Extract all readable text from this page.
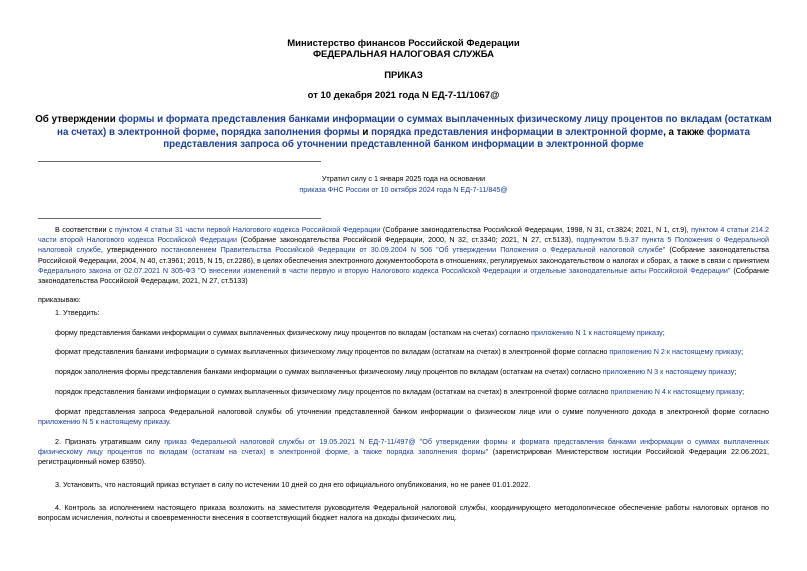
Министерство финансов Российской Федерации
ФЕДЕРАЛЬНАЯ НАЛОГОВАЯ СЛУЖБА
ПРИКАЗ
от 10 декабря 2021 года N ЕД-7-11/1067@
Об утверждении формы и формата представления банками информации о суммах выплаченных физическому лицу процентов по вкладам (остаткам на счетах) в электронной форме, порядка заполнения формы и порядка представления информации в электронной форме, а также формата представления запроса об уточнении представленной банком информации в электронной форме
Утратил силу с 1 января 2025 года на основании
приказа ФНС России от 10 октября 2024 года N ЕД-7-11/845@
В соответствии с пунктом 4 статьи 31 части первой Налогового кодекса Российской Федерации (Собрание законодательства Российской Федерации, 1998, N 31, ст.3824; 2021, N 1, ст.9), пунктом 4 статьи 214.2 части второй Налогового кодекса Российской Федерации (Собрание законодательства Российской Федерации, 2000, N 32, ст.3340; 2021, N 27, ст.5133), подпунктом 5.9.37 пункта 5 Положения о Федеральной налоговой службе, утвержденного постановлением Правительства Российской Федерации от 30.09.2004 N 506 "Об утверждении Положения о Федеральной налоговой службе" (Собрание законодательства Российской Федерации, 2004, N 40, ст.3961; 2015, N 15, ст.2286), в целях обеспечения электронного документооборота в отношениях, регулируемых законодательством о налогах и сборах, а также в связи с принятием Федерального закона от 02.07.2021 N 305-ФЗ "О внесении изменений в части первую и вторую Налогового кодекса Российской Федерации и отдельные законодательные акты Российской Федерации" (Собрание законодательства Российской Федерации, 2021, N 27, ст.5133)
приказываю:
1. Утвердить:
форму представления банками информации о суммах выплаченных физическому лицу процентов по вкладам (остаткам на счетах) согласно приложению N 1 к настоящему приказу;
формат представления банками информации о суммах выплаченных физическому лицу процентов по вкладам (остаткам на счетах) в электронной форме согласно приложению N 2 к настоящему приказу;
порядок заполнения формы представления банками информации о суммах выплаченных физическому лицу процентов по вкладам (остаткам на счетах) согласно приложению N 3 к настоящему приказу;
порядок представления банками информации о суммах выплаченных физическому лицу процентов по вкладам (остаткам на счетах) в электронной форме согласно приложению N 4 к настоящему приказу;
формат представления запроса Федеральной налоговой службы об уточнении представленной банком информации о физическом лице или о сумме полученного дохода в электронной форме согласно приложению N 5 к настоящему приказу.
2. Признать утратившим силу приказ Федеральной налоговой службы от 19.05.2021 N ЕД-7-11/497@ "Об утверждении формы и формата представления банками информации о суммах выплаченных физическому лицу процентов по вкладам (остаткам на счетах) в электронной форме, а также порядка заполнения формы" (зарегистрирован Министерством юстиции Российской Федерации 22.06.2021, регистрационный номер 63950).
3. Установить, что настоящий приказ вступает в силу по истечении 10 дней со дня его официального опубликования, но не ранее 01.01.2022.
4. Контроль за исполнением настоящего приказа возложить на заместителя руководителя Федеральной налоговой службы, координирующего методологическое обеспечение работы налоговых органов по вопросам исчисления, полноты и своевременности внесения в соответствующий бюджет налога на доходы физических лиц.
